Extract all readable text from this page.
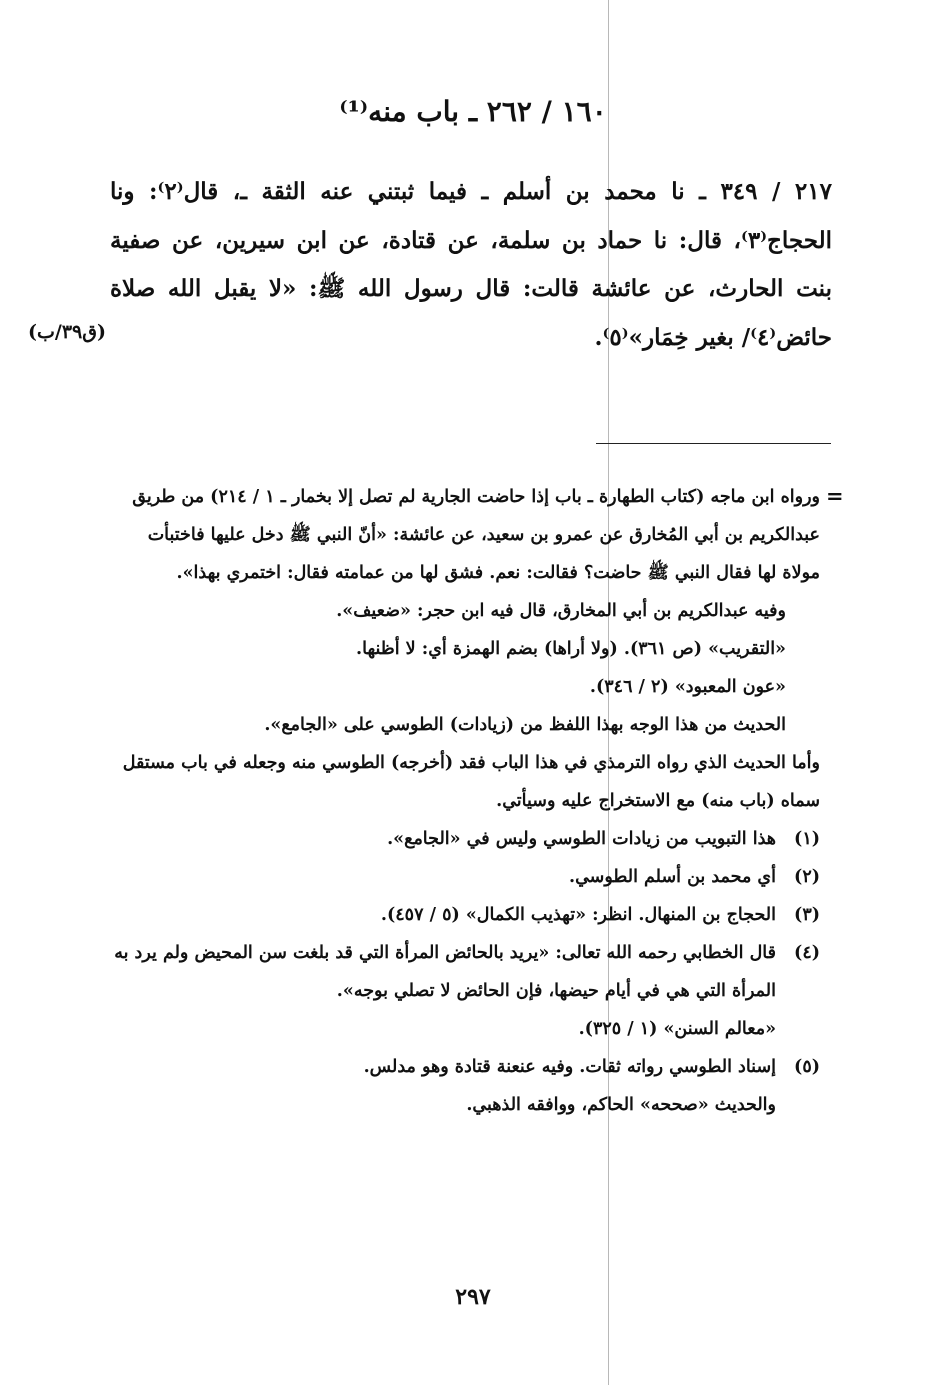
١٦٠ / ٢٦٢ ـ باب منه⁽¹⁾

٢١٧ / ٣٤٩ ـ نا محمد بن أسلم ـ فيما ثبتني عنه الثقة ـ، قال⁽٢⁾: ونا الحجاج⁽٣⁾، قال: نا حماد بن سلمة، عن قتادة، عن ابن سيرين، عن صفية بنت الحارث، عن عائشة قالت: قال رسول الله ﷺ: «لا يقبل الله صلاة حائض⁽٤⁾/ بغير خِمَار»⁽٥⁾.

(ق٣٩/ب)
=

ورواه ابن ماجه (كتاب الطهارة ـ باب إذا حاضت الجارية لم تصل إلا بخمار ـ ١ / ٢١٤) من طريق عبدالكريم بن أبي المُخارق عن عمرو بن سعيد، عن عائشة: «أنّ النبي ﷺ دخل عليها فاختبأت مولاة لها فقال النبي ﷺ حاضت؟ فقالت: نعم. فشق لها من عمامته فقال: اختمري بهذا».

وفيه عبدالكريم بن أبي المخارق، قال فيه ابن حجر: «ضعيف».

«التقريب» (ص ٣٦١). (ولا أراها) بضم الهمزة أي: لا أظنها.

«عون المعبود» (٢ / ٣٤٦).

الحديث من هذا الوجه بهذا اللفظ من (زيادات) الطوسي على «الجامع».

وأما الحديث الذي رواه الترمذي في هذا الباب فقد (أخرجه) الطوسي منه وجعله في باب مستقل سماه (باب منه) مع الاستخراج عليه وسيأتي.

(١)
هذا التبويب من زيادات الطوسي وليس في «الجامع».
(٢)
أي محمد بن أسلم الطوسي.
(٣)
الحجاج بن المنهال. انظر: «تهذيب الكمال» (٥ / ٤٥٧).
(٤)
قال الخطابي رحمه الله تعالى: «يريد بالحائض المرأة التي قد بلغت سن المحيض ولم يرد به المرأة التي هي في أيام حيضها، فإن الحائض لا تصلي بوجه».

«معالم السنن» (١ / ٣٢٥).

(٥)
إسناد الطوسي رواته ثقات. وفيه عنعنة قتادة وهو مدلس.

والحديث «صححه» الحاكم، ووافقه الذهبي.

٢٩٧
